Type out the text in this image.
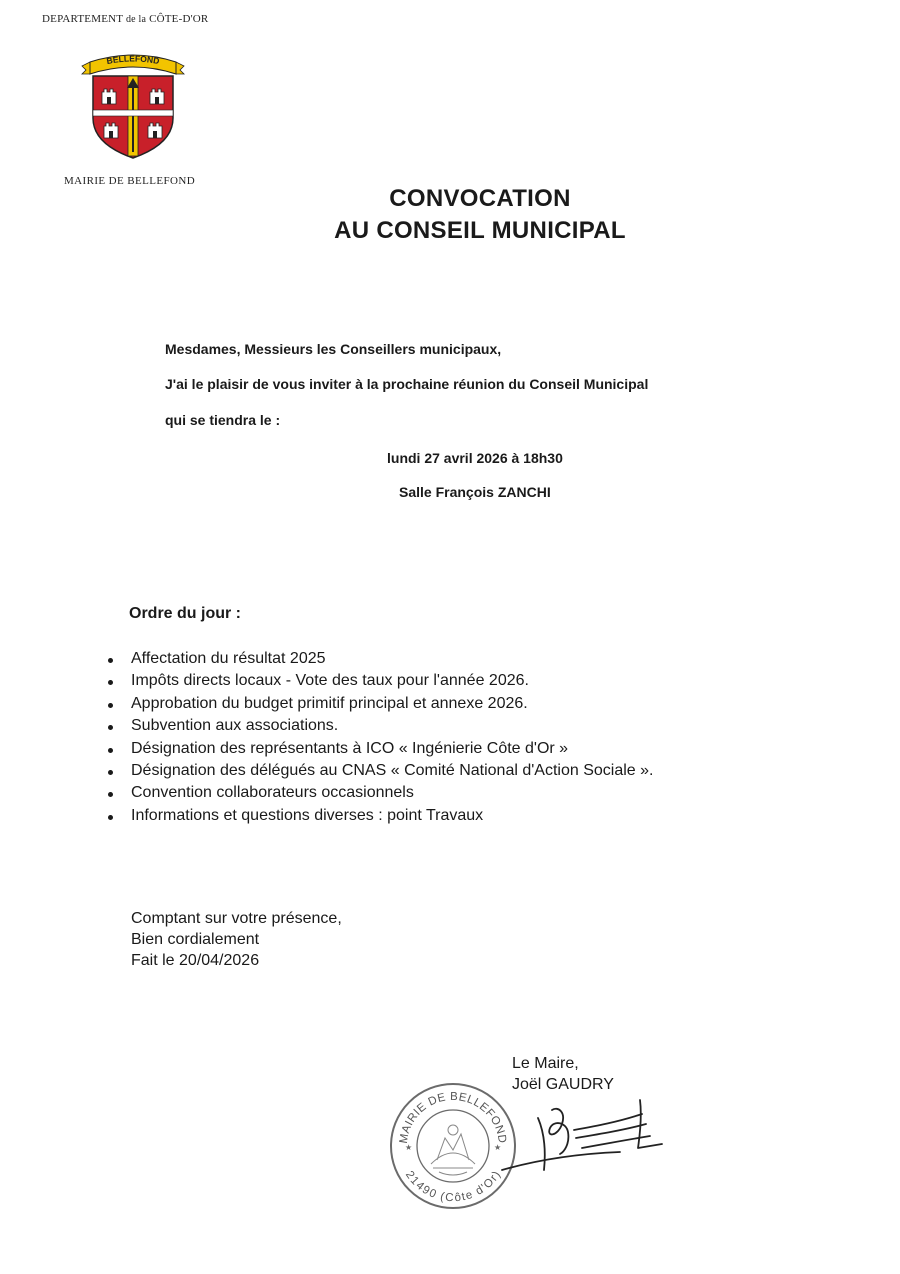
DEPARTEMENT de la CÔTE-D'OR
BELLEFOND
MAIRIE DE BELLEFOND
CONVOCATION
AU CONSEIL MUNICIPAL
Mesdames, Messieurs les Conseillers municipaux,
J'ai le plaisir de vous inviter à la prochaine réunion du Conseil Municipal
qui se tiendra le :
lundi 27 avril 2026 à 18h30
Salle François ZANCHI
Ordre du jour :
Affectation du résultat 2025
Impôts directs locaux - Vote des taux pour l'année 2026.
Approbation du budget primitif principal et annexe 2026.
Subvention aux associations.
Désignation des représentants à ICO « Ingénierie Côte d'Or »
Désignation des délégués au CNAS « Comité National d'Action Sociale ».
Convention collaborateurs occasionnels
Informations et questions diverses : point Travaux
Comptant sur votre présence,
Bien cordialement
Fait le 20/04/2026
Le Maire,
Joël GAUDRY
MAIRIE DE BELLEFOND
21490 (Côte d'Or)
★	★
